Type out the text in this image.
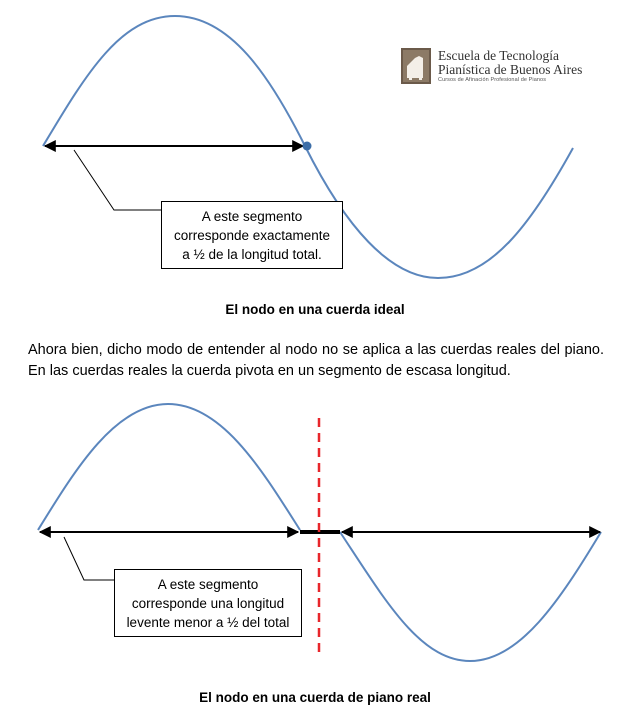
Escuela de Tecnología
Pianística de Buenos Aires
Cursos de Afinación Profesional de Pianos
A este segmento
corresponde exactamente
a ½ de la longitud total.
El nodo en una cuerda ideal
Ahora bien, dicho modo de entender al nodo no se aplica a las cuerdas reales del piano. En las cuerdas reales la cuerda pivota en un segmento de escasa longitud.
A este segmento
corresponde una longitud
levente menor a ½ del total
El nodo en una cuerda de piano real
